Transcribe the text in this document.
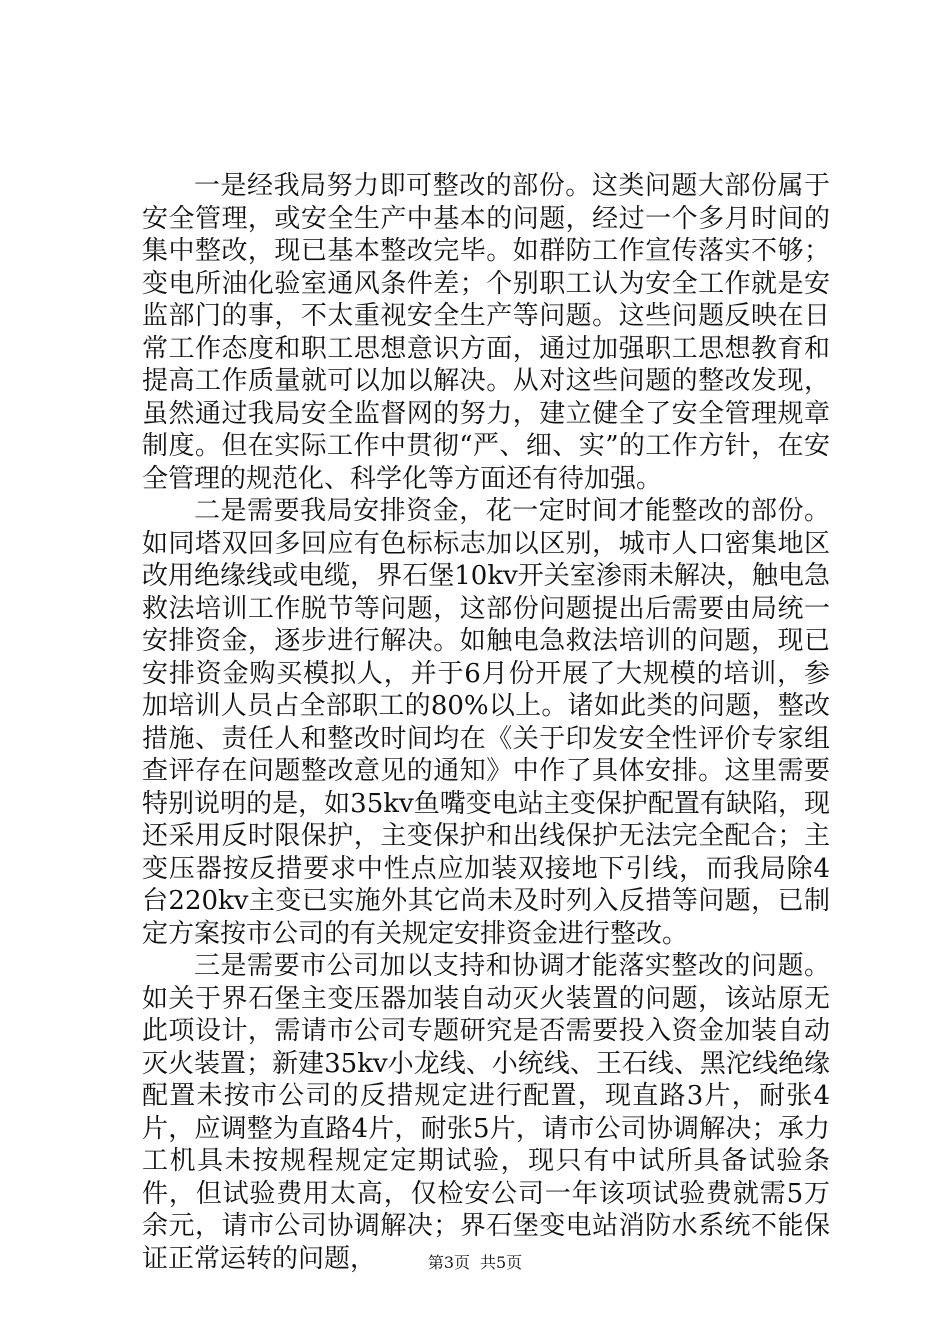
一是经我局努力即可整改的部份。这类问题大部份属于安全管理，或安全生产中基本的问题，经过一个多月时间的集中整改，现已基本整改完毕。如群防工作宣传落实不够；变电所油化验室通风条件差；个别职工认为安全工作就是安监部门的事，不太重视安全生产等问题。这些问题反映在日常工作态度和职工思想意识方面，通过加强职工思想教育和提高工作质量就可以加以解决。从对这些问题的整改发现，虽然通过我局安全监督网的努力，建立健全了安全管理规章制度。但在实际工作中贯彻“严、细、实”的工作方针，在安全管理的规范化、科学化等方面还有待加强。

二是需要我局安排资金，花一定时间才能整改的部份。如同塔双回多回应有色标标志加以区别，城市人口密集地区改用绝缘线或电缆，界石堡10kv开关室渗雨未解决，触电急救法培训工作脱节等问题，这部份问题提出后需要由局统一安排资金，逐步进行解决。如触电急救法培训的问题，现已安排资金购买模拟人，并于6月份开展了大规模的培训，参加培训人员占全部职工的80%以上。诸如此类的问题，整改措施、责任人和整改时间均在《关于印发安全性评价专家组查评存在问题整改意见的通知》中作了具体安排。这里需要特别说明的是，如35kv鱼嘴变电站主变保护配置有缺陷，现还采用反时限保护，主变保护和出线保护无法完全配合；主变压器按反措要求中性点应加装双接地下引线，而我局除4台220kv主变已实施外其它尚未及时列入反措等问题，已制定方案按市公司的有关规定安排资金进行整改。

三是需要市公司加以支持和协调才能落实整改的问题。如关于界石堡主变压器加装自动灭火装置的问题，该站原无此项设计，需请市公司专题研究是否需要投入资金加装自动灭火装置；新建35kv小龙线、小统线、王石线、黑沱线绝缘配置未按市公司的反措规定进行配置，现直路3片，耐张4片，应调整为直路4片，耐张5片，请市公司协调解决；承力工机具未按规程规定定期试验，现只有中试所具备试验条件，但试验费用太高，仅检安公司一年该项试验费就需5万余元，请市公司协调解决；界石堡变电站消防水系统不能保证正常运转的问题，	第3页 共5页
